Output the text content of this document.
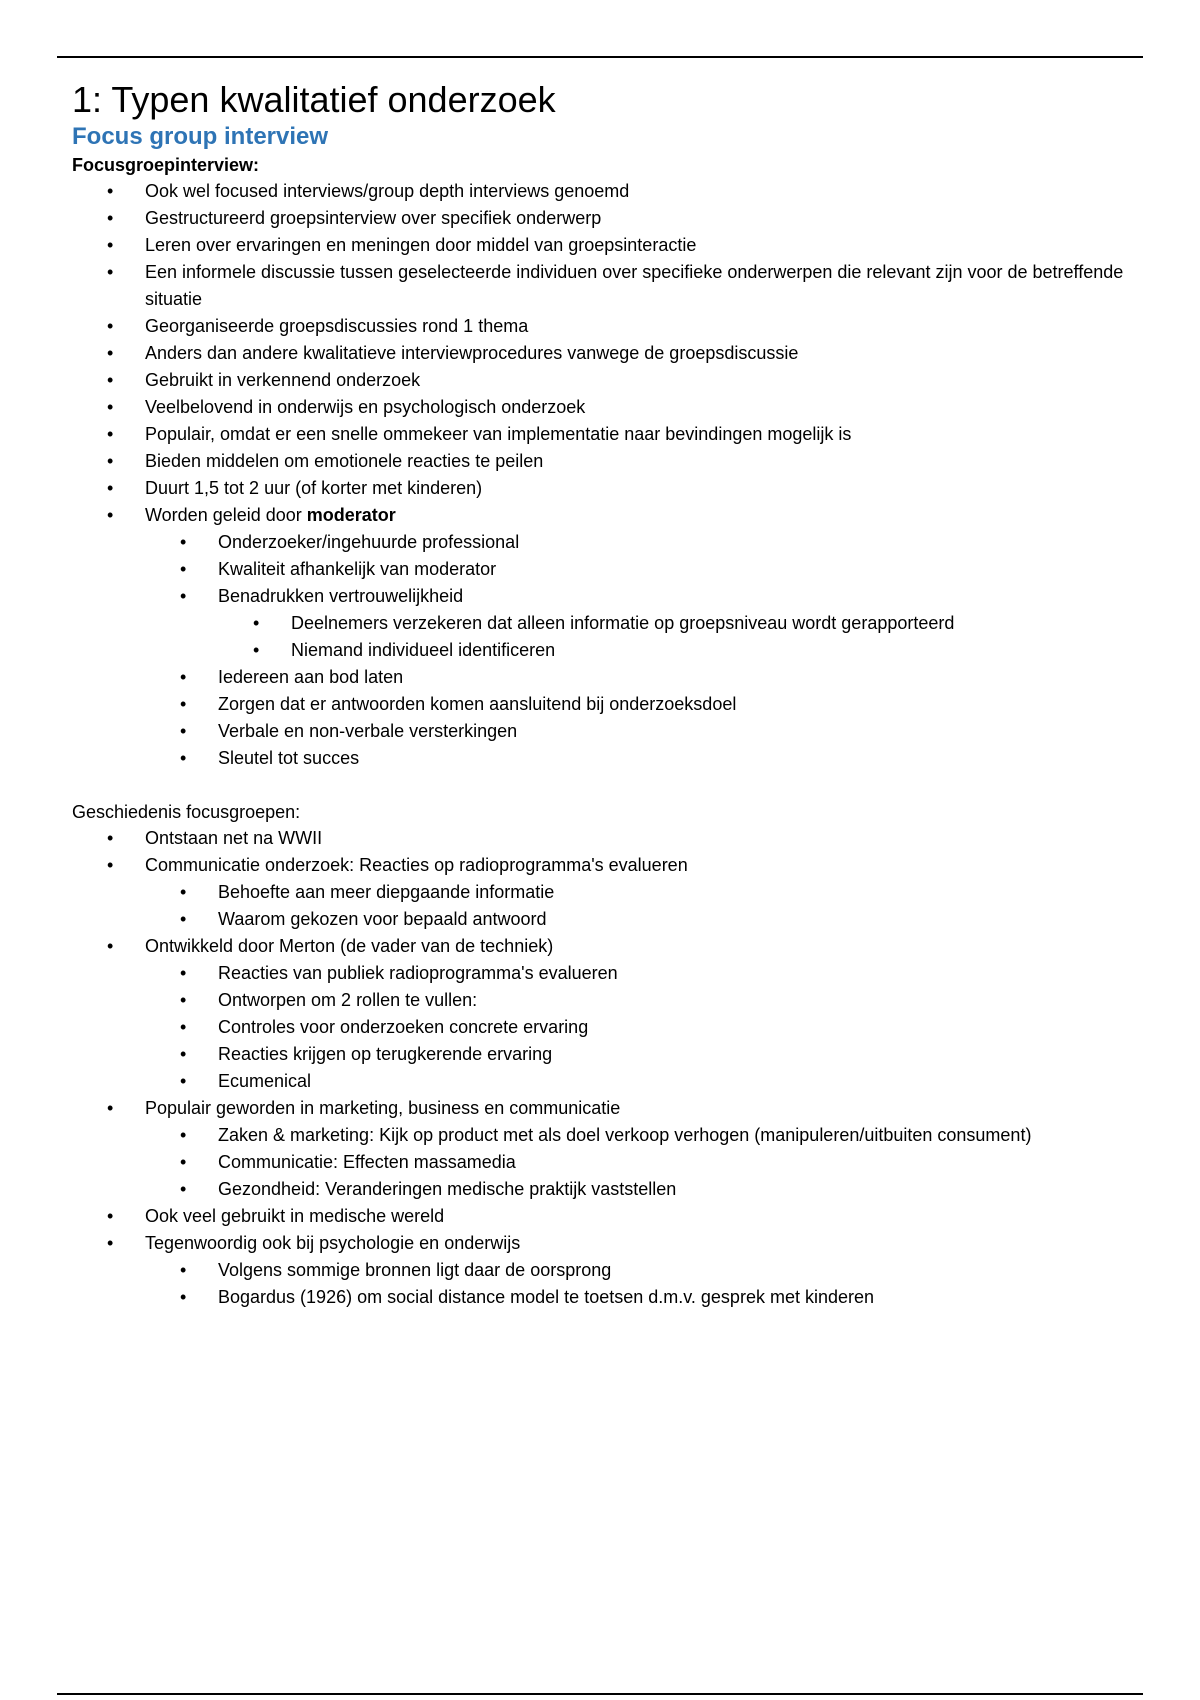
1: Typen kwalitatief onderzoek
Focus group interview
Focusgroepinterview:
• Ook wel focused interviews/group depth interviews genoemd
• Gestructureerd groepsinterview over specifiek onderwerp
• Leren over ervaringen en meningen door middel van groepsinteractie
• Een informele discussie tussen geselecteerde individuen over specifieke onderwerpen die relevant zijn voor de betreffende situatie
• Georganiseerde groepsdiscussies rond 1 thema
• Anders dan andere kwalitatieve interviewprocedures vanwege de groepsdiscussie
• Gebruikt in verkennend onderzoek
• Veelbelovend in onderwijs en psychologisch onderzoek
• Populair, omdat er een snelle ommekeer van implementatie naar bevindingen mogelijk is
• Bieden middelen om emotionele reacties te peilen
• Duurt 1,5 tot 2 uur (of korter met kinderen)
• Worden geleid door moderator
• Onderzoeker/ingehuurde professional
• Kwaliteit afhankelijk van moderator
• Benadrukken vertrouwelijkheid
• Deelnemers verzekeren dat alleen informatie op groepsniveau wordt gerapporteerd
• Niemand individueel identificeren
• Iedereen aan bod laten
• Zorgen dat er antwoorden komen aansluitend bij onderzoeksdoel
• Verbale en non-verbale versterkingen
• Sleutel tot succes
Geschiedenis focusgroepen:
• Ontstaan net na WWII
• Communicatie onderzoek: Reacties op radioprogramma's evalueren
• Behoefte aan meer diepgaande informatie
• Waarom gekozen voor bepaald antwoord
• Ontwikkeld door Merton (de vader van de techniek)
• Reacties van publiek radioprogramma's evalueren
• Ontworpen om 2 rollen te vullen:
• Controles voor onderzoeken concrete ervaring
• Reacties krijgen op terugkerende ervaring
• Ecumenical
• Populair geworden in marketing, business en communicatie
• Zaken & marketing: Kijk op product met als doel verkoop verhogen (manipuleren/uitbuiten consument)
• Communicatie: Effecten massamedia
• Gezondheid: Veranderingen medische praktijk vaststellen
• Ook veel gebruikt in medische wereld
• Tegenwoordig ook bij psychologie en onderwijs
• Volgens sommige bronnen ligt daar de oorsprong
• Bogardus (1926) om social distance model te toetsen d.m.v. gesprek met kinderen
